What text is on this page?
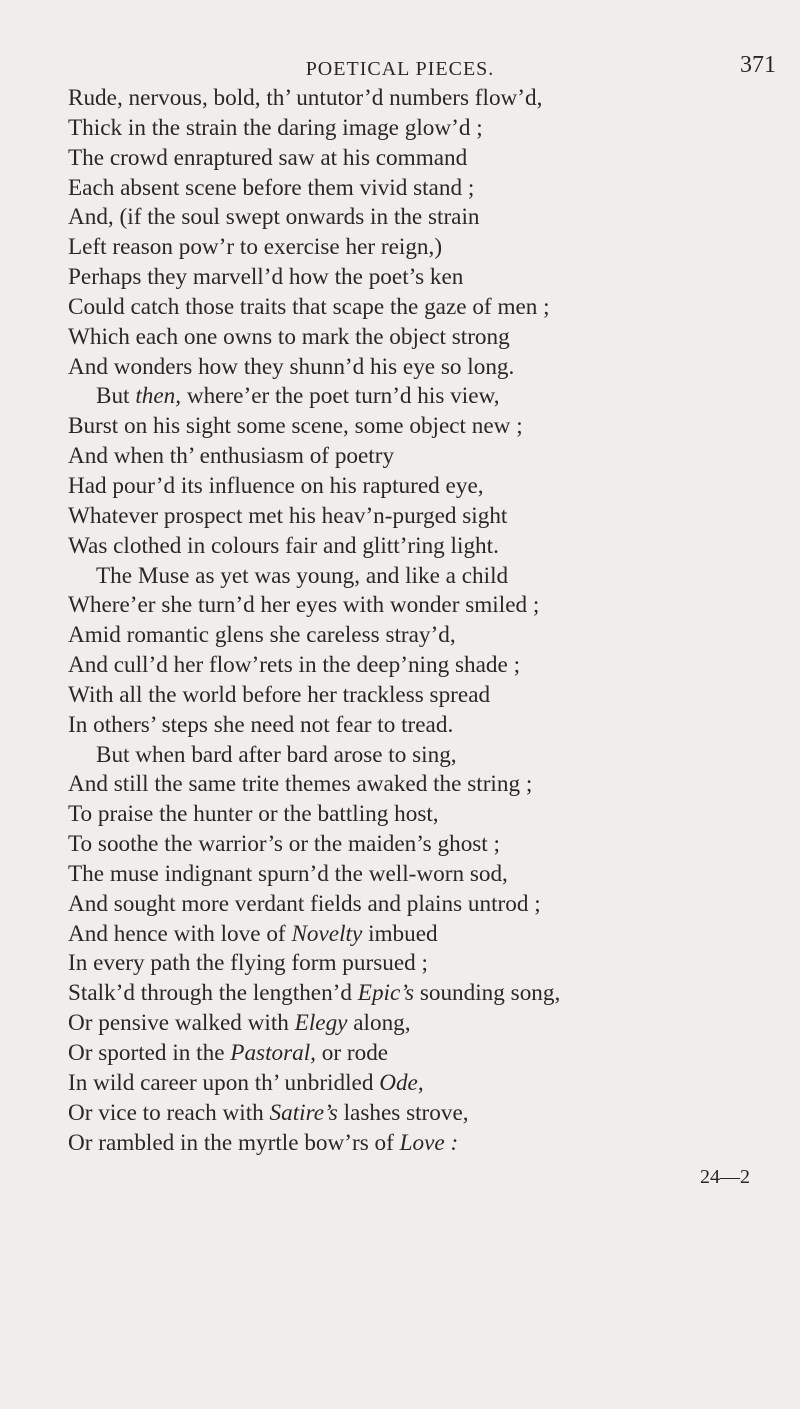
POETICAL PIECES.	371
Rude, nervous, bold, th’ untutor’d numbers flow’d,
Thick in the strain the daring image glow’d ;
The crowd enraptured saw at his command
Each absent scene before them vivid stand ;
And, (if the soul swept onwards in the strain
Left reason pow’r to exercise her reign,)
Perhaps they marvell’d how the poet’s ken
Could catch those traits that scape the gaze of men ;
Which each one owns to mark the object strong
And wonders how they shunn’d his eye so long.
But then, where’er the poet turn’d his view,
Burst on his sight some scene, some object new ;
And when th’ enthusiasm of poetry
Had pour’d its influence on his raptured eye,
Whatever prospect met his heav’n-purged sight
Was clothed in colours fair and glitt’ring light.
The Muse as yet was young, and like a child
Where’er she turn’d her eyes with wonder smiled ;
Amid romantic glens she careless stray’d,
And cull’d her flow’rets in the deep’ning shade ;
With all the world before her trackless spread
In others’ steps she need not fear to tread.
But when bard after bard arose to sing,
And still the same trite themes awaked the string ;
To praise the hunter or the battling host,
To soothe the warrior’s or the maiden’s ghost ;
The muse indignant spurn’d the well-worn sod,
And sought more verdant fields and plains untrod ;
And hence with love of Novelty imbued
In every path the flying form pursued ;
Stalk’d through the lengthen’d Epic’s sounding song,
Or pensive walked with Elegy along,
Or sported in the Pastoral, or rode
In wild career upon th’ unbridled Ode,
Or vice to reach with Satire’s lashes strove,
Or rambled in the myrtle bow’rs of Love :
24—2
